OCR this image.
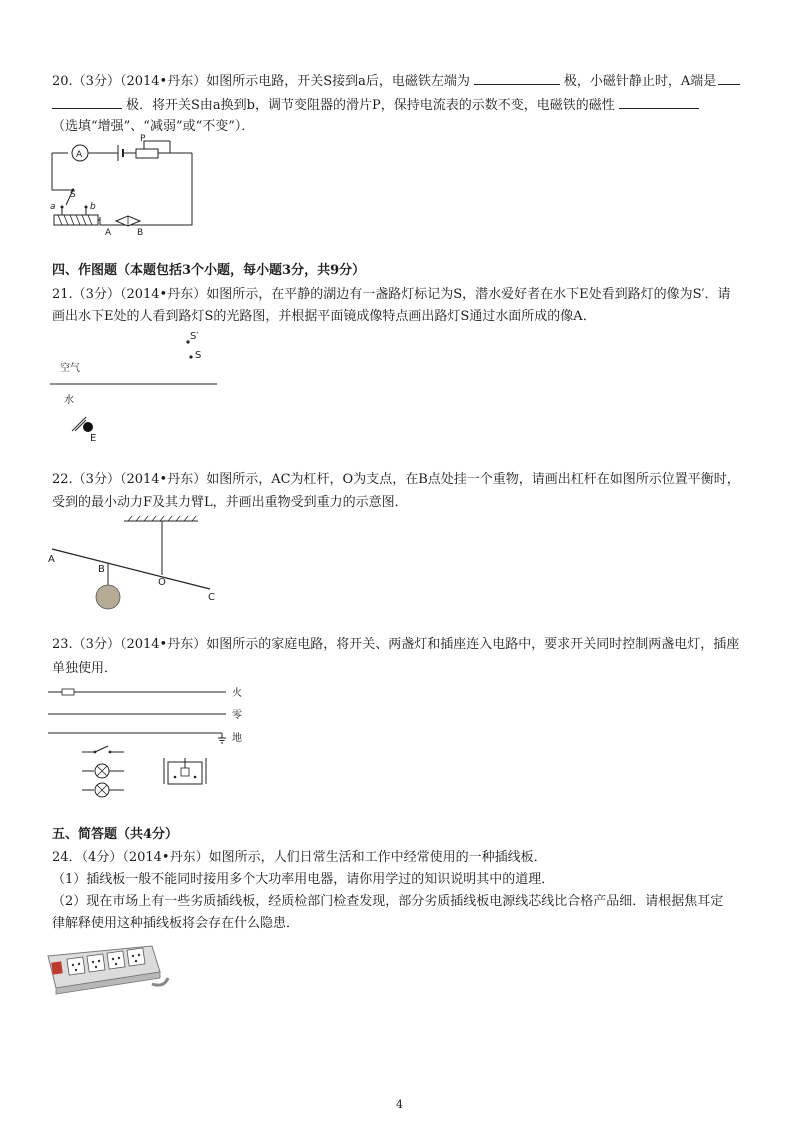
20.（3分）（2014•丹东）如图所示电路，开关S接到a后，电磁铁左端为	极，小磁针静止时，A端是
极．将开关S由a换到b，调节变阻器的滑片P，保持电流表的示数不变，电磁铁的磁性
（选填“增强”、“减弱”或“不变”）．
A
P
S
a	b
A	B
四、作图题（本题包括3个小题，每小题3分，共9分）
21.（3分）（2014•丹东）如图所示，在平静的湖边有一盏路灯标记为S，潜水爱好者在水下E处看到路灯的像为S′．请
画出水下E处的人看到路灯S的光路图，并根据平面镜成像特点画出路灯S通过水面所成的像A．
S′
S
空气
水
E
22.（3分）（2014•丹东）如图所示，AC为杠杆，O为支点，在B点处挂一个重物，请画出杠杆在如图所示位置平衡时，
受到的最小动力F及其力臂L，并画出重物受到重力的示意图．
A
B
O
C
23.（3分）（2014•丹东）如图所示的家庭电路，将开关、两盏灯和插座连入电路中，要求开关同时控制两盏电灯，插座
单独使用．
火
零
地
五、简答题（共4分）
24．（4分）（2014•丹东）如图所示，人们日常生活和工作中经常使用的一种插线板．
（1）插线板一般不能同时接用多个大功率用电器，请你用学过的知识说明其中的道理．
（2）现在市场上有一些劣质插线板，经质检部门检查发现，部分劣质插线板电源线芯线比合格产品细．请根据焦耳定
律解释使用这种插线板将会存在什么隐患．
4
